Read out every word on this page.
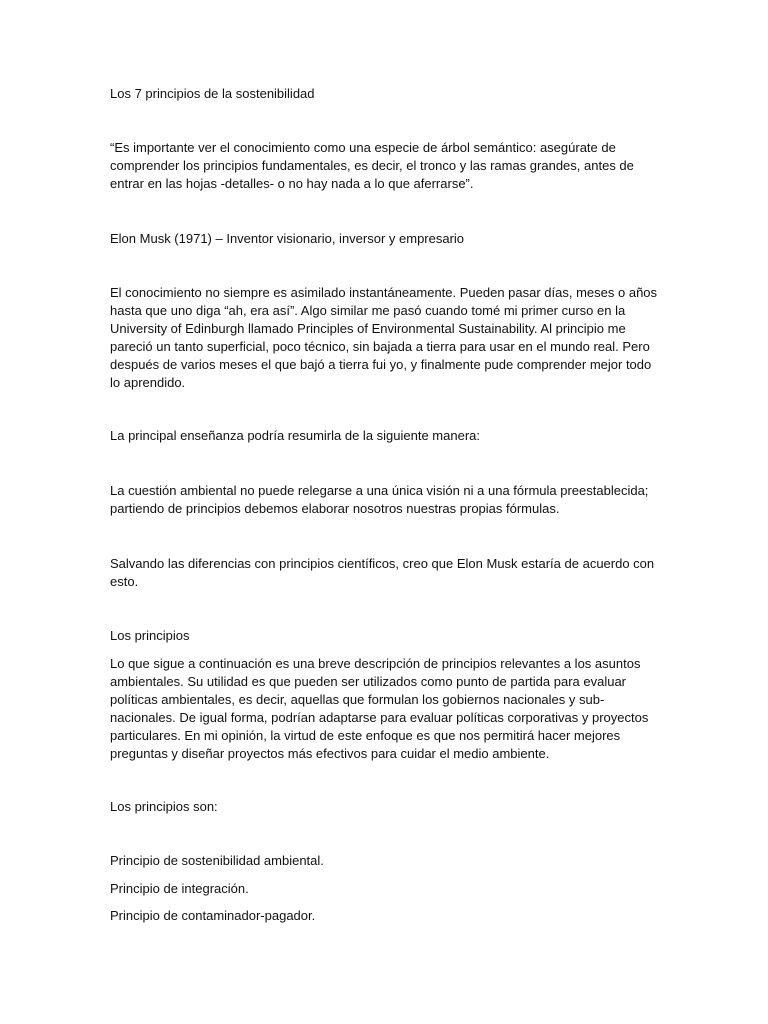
Los 7 principios de la sostenibilidad

“Es importante ver el conocimiento como una especie de árbol semántico: asegúrate de comprender los principios fundamentales, es decir, el tronco y las ramas grandes, antes de entrar en las hojas -detalles- o no hay nada a lo que aferrarse”.

Elon Musk (1971) – Inventor visionario, inversor y empresario

El conocimiento no siempre es asimilado instantáneamente. Pueden pasar días, meses o años hasta que uno diga “ah, era así”. Algo similar me pasó cuando tomé mi primer curso en la University of Edinburgh llamado Principles of Environmental Sustainability. Al principio me pareció un tanto superficial, poco técnico, sin bajada a tierra para usar en el mundo real. Pero después de varios meses el que bajó a tierra fui yo, y finalmente pude comprender mejor todo lo aprendido.

La principal enseñanza podría resumirla de la siguiente manera:

La cuestión ambiental no puede relegarse a una única visión ni a una fórmula preestablecida; partiendo de principios debemos elaborar nosotros nuestras propias fórmulas.

Salvando las diferencias con principios científicos, creo que Elon Musk estaría de acuerdo con esto.

Los principios

Lo que sigue a continuación es una breve descripción de principios relevantes a los asuntos ambientales. Su utilidad es que pueden ser utilizados como punto de partida para evaluar políticas ambientales, es decir, aquellas que formulan los gobiernos nacionales y sub-nacionales. De igual forma, podrían adaptarse para evaluar políticas corporativas y proyectos particulares. En mi opinión, la virtud de este enfoque es que nos permitirá hacer mejores preguntas y diseñar proyectos más efectivos para cuidar el medio ambiente.

Los principios son:

Principio de sostenibilidad ambiental.

Principio de integración.

Principio de contaminador-pagador.
